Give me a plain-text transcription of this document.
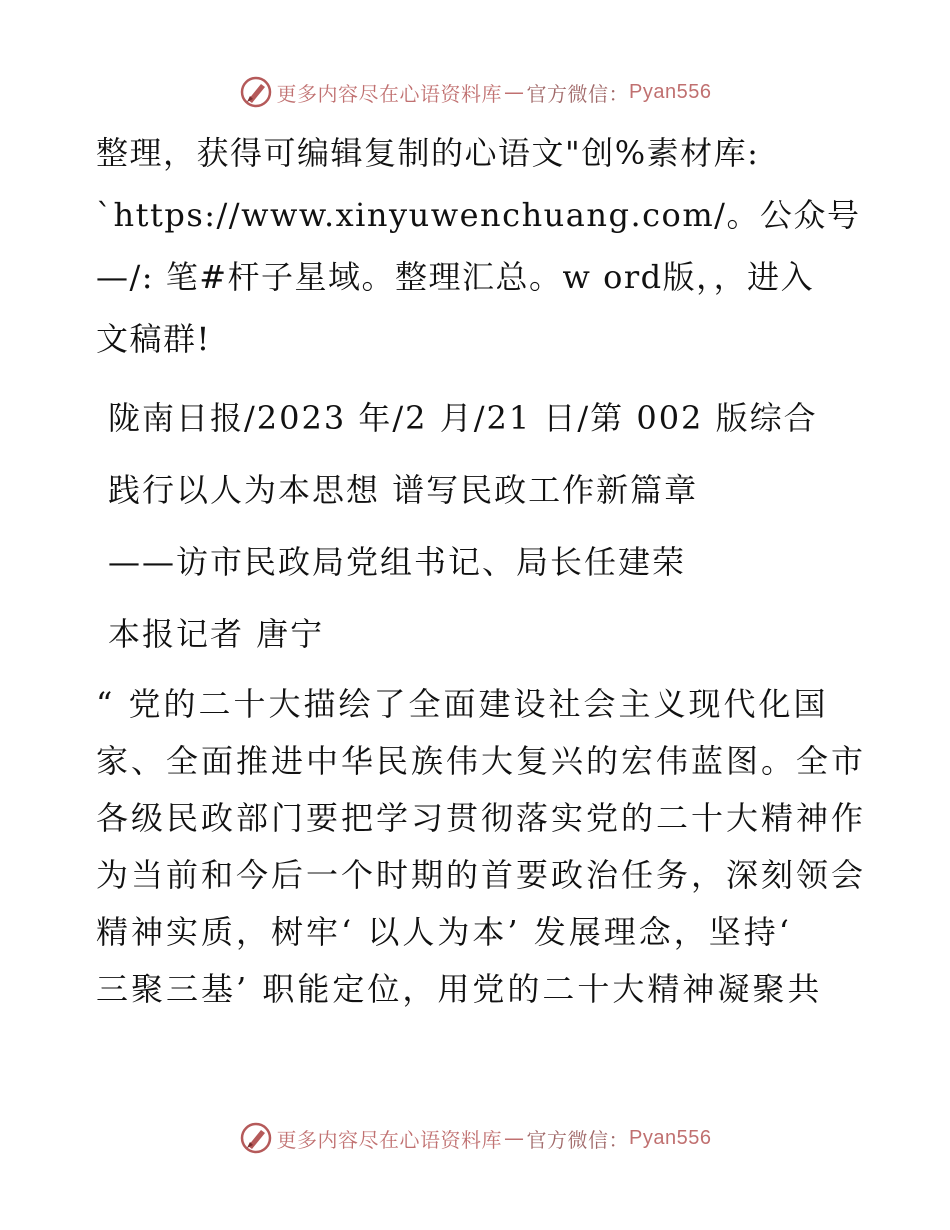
更多内容尽在心语资料库 — 官方微信： Pyan556
整理，获得可编辑复制的心语文"创%素材库:
`https://www.xinyuwenchuang.com/。公众号
—/: 笔#杆子星域。整理汇总。w ord版，，进入
文稿群!
陇南日报/2023 年/2 月/21 日/第 002 版综合
践行以人为本思想 谱写民政工作新篇章
——访市民政局党组书记、局长任建荣
本报记者 唐宁
“ 党的二十大描绘了全面建设社会主义现代化国
家、全面推进中华民族伟大复兴的宏伟蓝图。全市
各级民政部门要把学习贯彻落实党的二十大精神作
为当前和今后一个时期的首要政治任务，深刻领会
精神实质，树牢‘ 以人为本’ 发展理念，坚持‘
三聚三基’ 职能定位，用党的二十大精神凝聚共
更多内容尽在心语资料库 — 官方微信： Pyan556
